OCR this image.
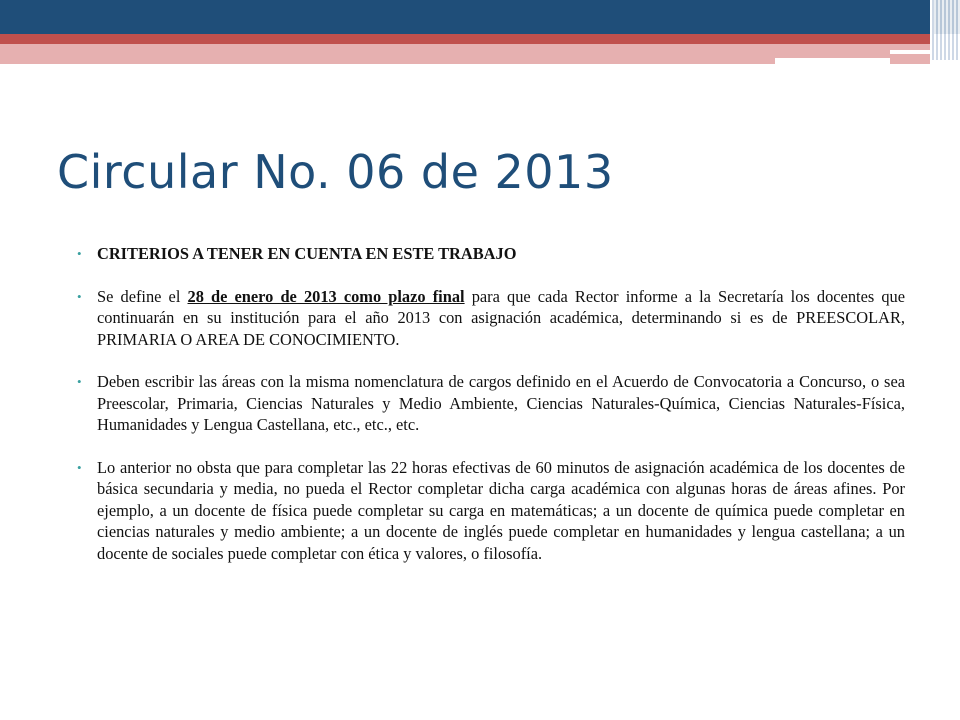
Circular No. 06 de 2013
• CRITERIOS A TENER EN CUENTA EN ESTE TRABAJO
• Se define el 28 de enero de 2013 como plazo final para que cada Rector informe a la Secretaría los docentes que continuarán en su institución para el año 2013 con asignación académica, determinando si es de PREESCOLAR, PRIMARIA O AREA DE CONOCIMIENTO.
• Deben escribir las áreas con la misma nomenclatura de cargos definido en el Acuerdo de Convocatoria a Concurso, o sea Preescolar, Primaria, Ciencias Naturales y Medio Ambiente, Ciencias Naturales-Química, Ciencias Naturales-Física, Humanidades y Lengua Castellana, etc., etc., etc.
• Lo anterior no obsta que para completar las 22 horas efectivas de 60 minutos de asignación académica de los docentes de básica secundaria y media, no pueda el Rector completar dicha carga académica con algunas horas de áreas afines. Por ejemplo, a un docente de física puede completar su carga en matemáticas; a un docente de química puede completar en ciencias naturales y medio ambiente; a un docente de inglés puede completar en humanidades y lengua castellana; a un docente de sociales puede completar con ética y valores, o filosofía.
